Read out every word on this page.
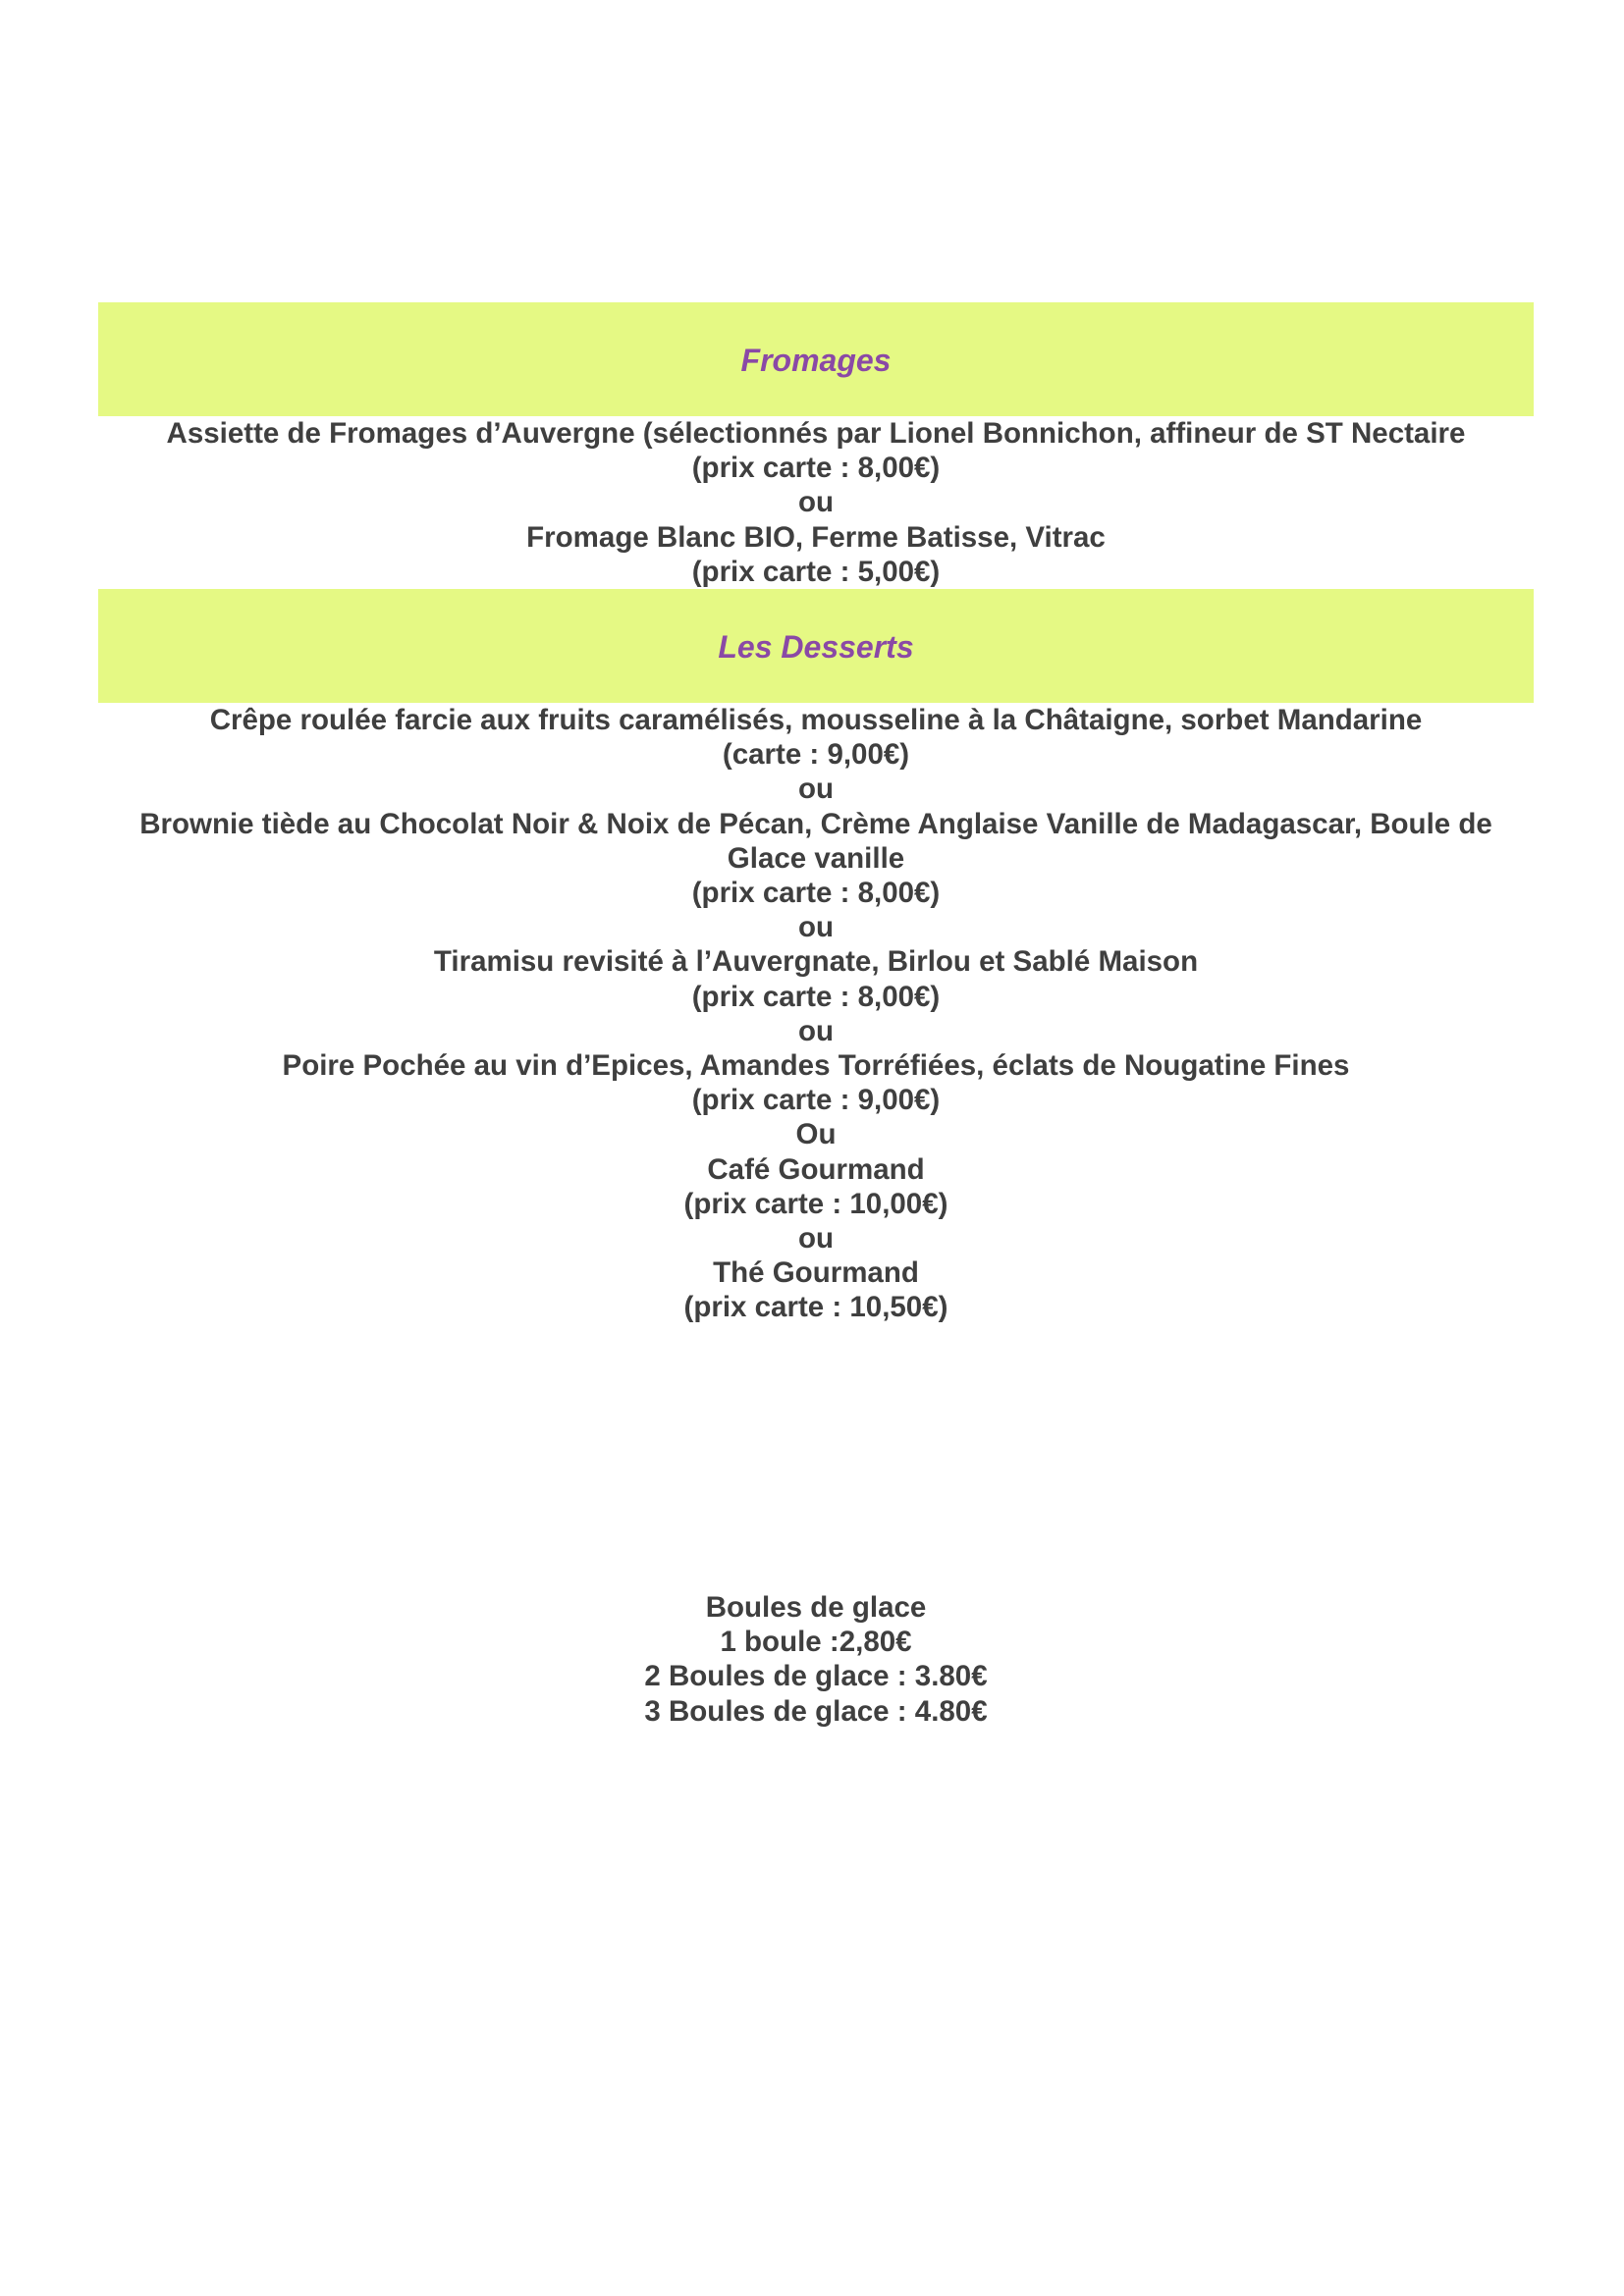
Fromages
Assiette de Fromages d’Auvergne (sélectionnés par Lionel Bonnichon, affineur de ST Nectaire
(prix carte : 8,00€)
ou
Fromage Blanc BIO, Ferme Batisse, Vitrac
(prix carte : 5,00€)
Les Desserts
Crêpe roulée farcie aux fruits caramélisés, mousseline à la Châtaigne, sorbet Mandarine
(carte : 9,00€)
ou
Brownie tiède au Chocolat Noir & Noix de Pécan, Crème Anglaise Vanille de Madagascar, Boule de
Glace vanille
(prix carte : 8,00€)
ou
Tiramisu revisité à l’Auvergnate, Birlou et Sablé Maison
(prix carte : 8,00€)
ou
Poire Pochée au vin d’Epices, Amandes Torréfiées, éclats de Nougatine Fines
(prix carte : 9,00€)
Ou
Café Gourmand
(prix carte : 10,00€)
ou
Thé Gourmand
(prix carte : 10,50€)
Boules de glace
1 boule :2,80€
2 Boules de glace : 3.80€
3 Boules de glace : 4.80€
